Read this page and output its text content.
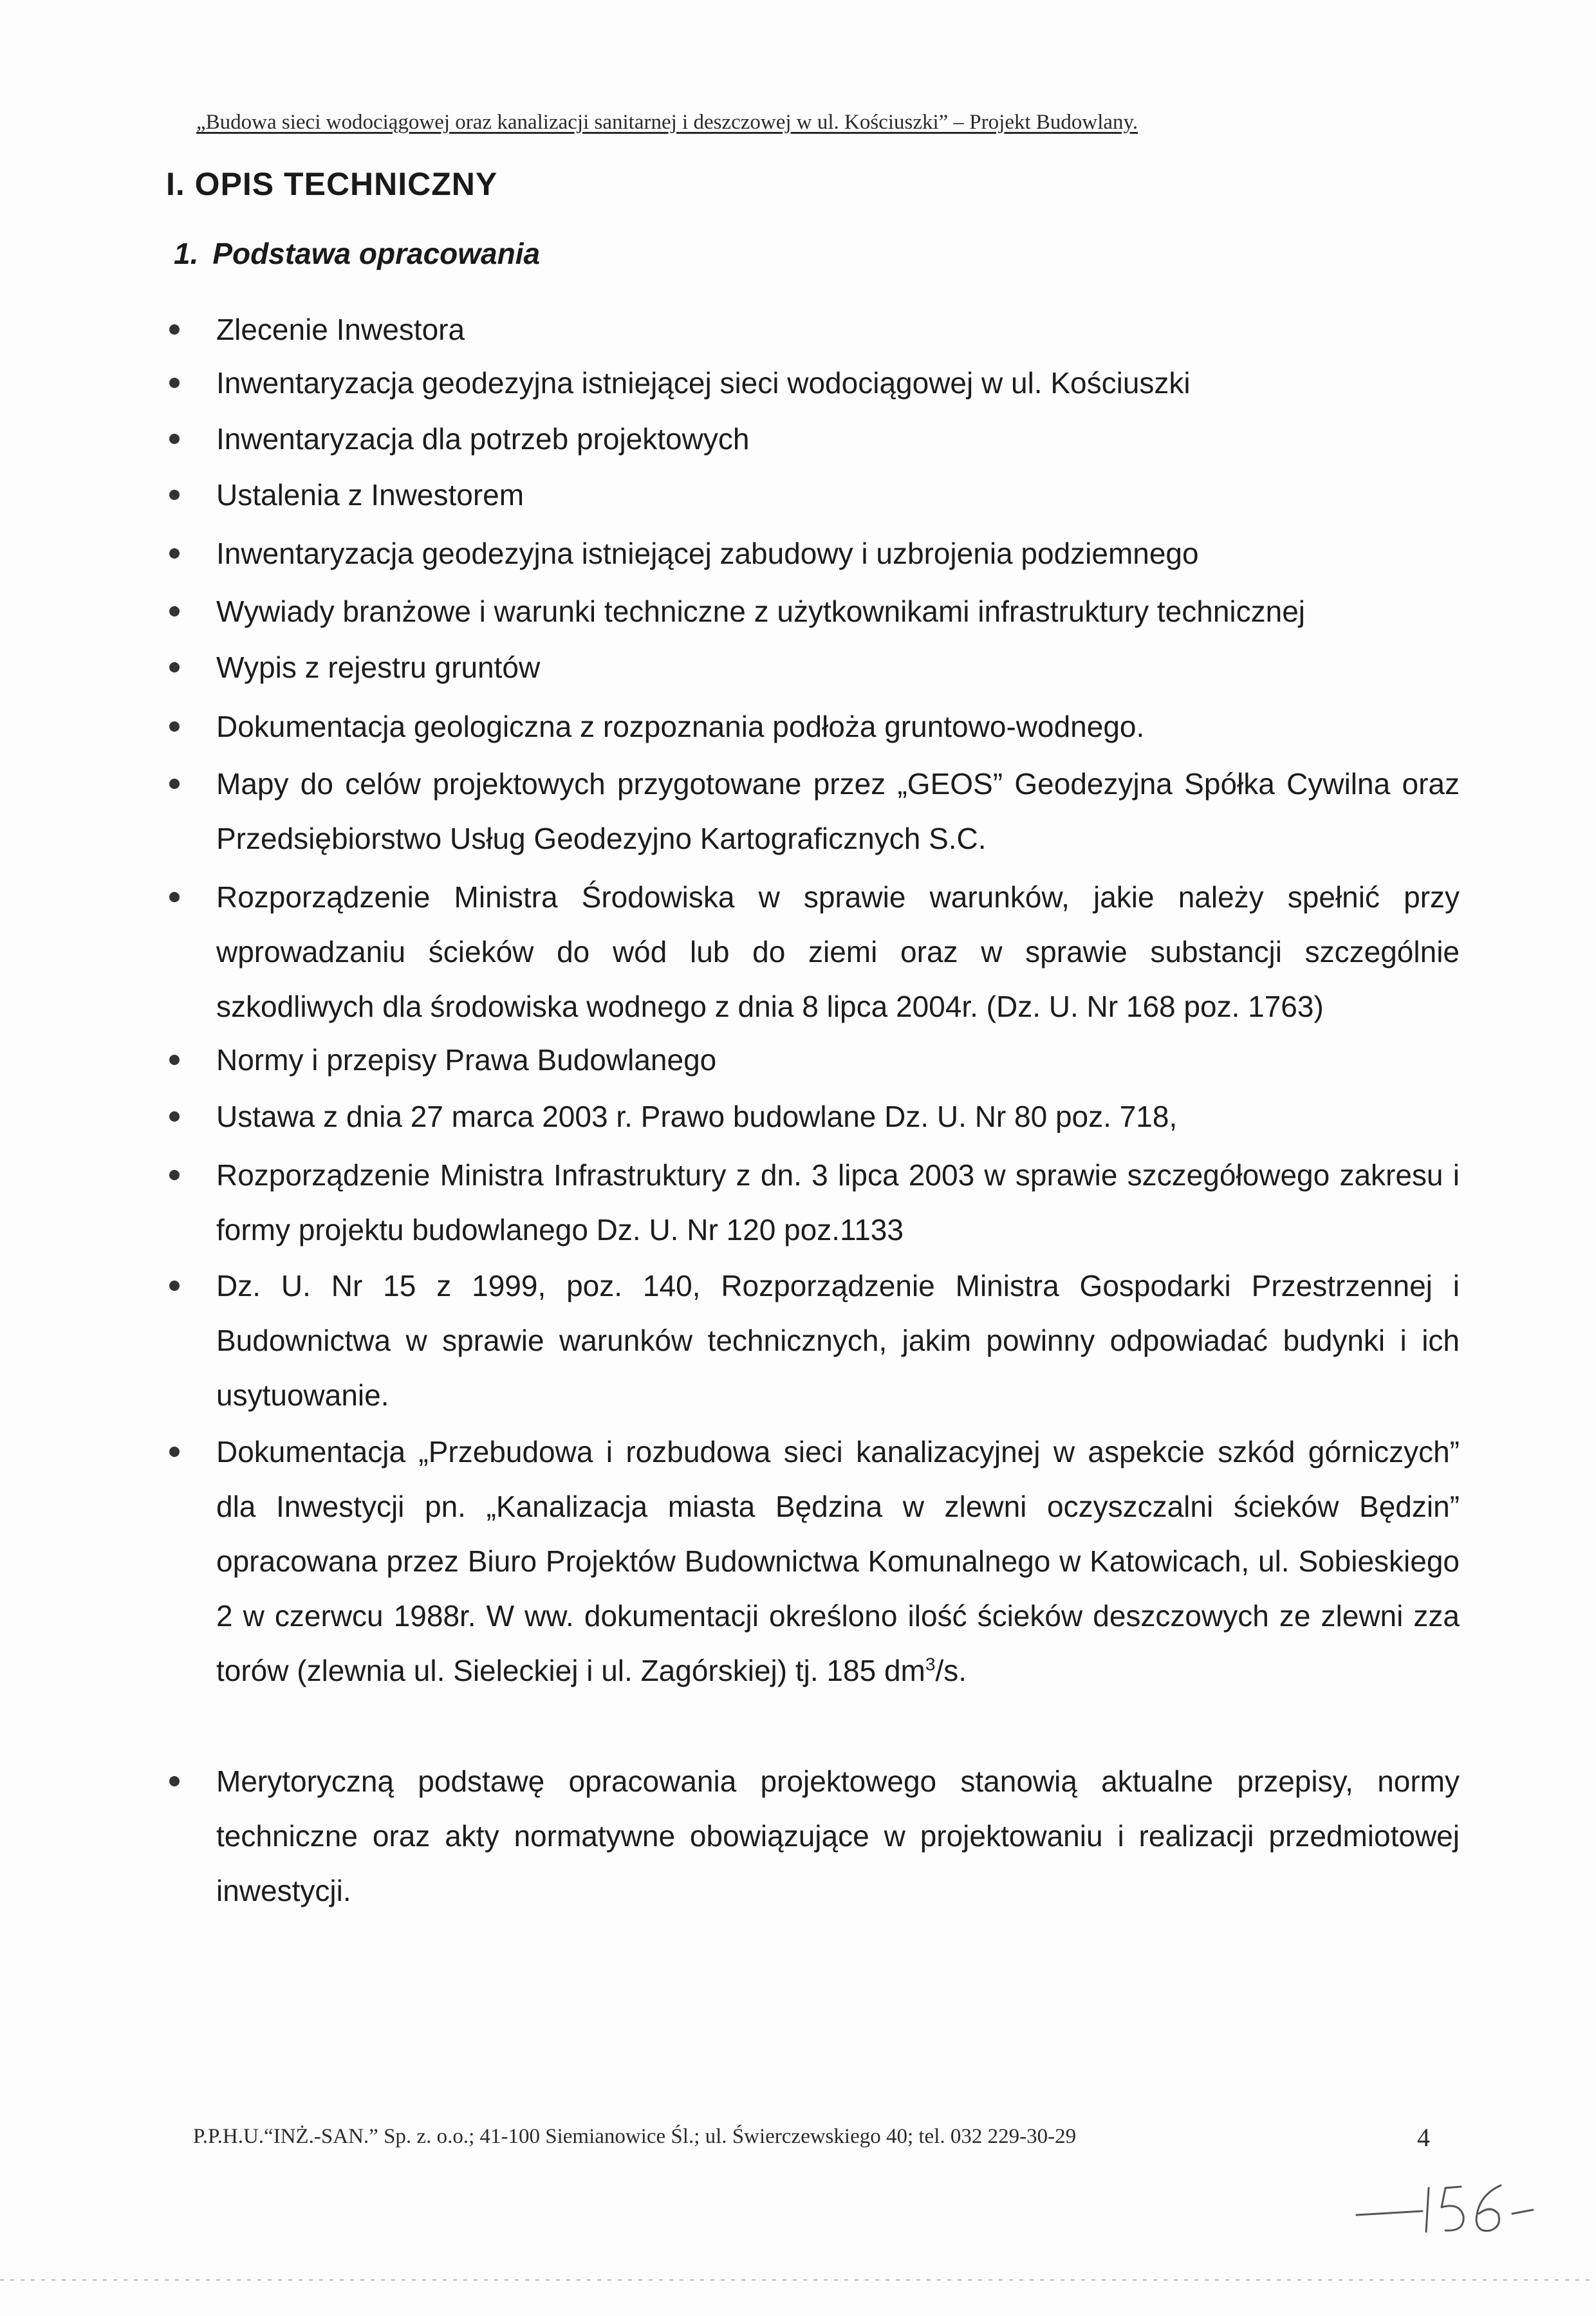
„Budowa sieci wodociągowej oraz kanalizacji sanitarnej i deszczowej w ul. Kościuszki” – Projekt Budowlany.
I. OPIS TECHNICZNY
1. Podstawa opracowania
Zlecenie Inwestora
Inwentaryzacja geodezyjna istniejącej sieci wodociągowej w ul. Kościuszki
Inwentaryzacja dla potrzeb projektowych
Ustalenia z Inwestorem
Inwentaryzacja geodezyjna istniejącej zabudowy i uzbrojenia podziemnego
Wywiady branżowe i warunki techniczne z użytkownikami infrastruktury technicznej
Wypis z rejestru gruntów
Dokumentacja geologiczna z rozpoznania podłoża gruntowo-wodnego.
Mapy do celów projektowych przygotowane przez „GEOS” Geodezyjna Spółka Cywilna oraz Przedsiębiorstwo Usług Geodezyjno Kartograficznych S.C.
Rozporządzenie Ministra Środowiska w sprawie warunków, jakie należy spełnić przy wprowadzaniu ścieków do wód lub do ziemi oraz w sprawie substancji szczególnie szkodliwych dla środowiska wodnego z dnia 8 lipca 2004r. (Dz. U. Nr 168 poz. 1763)
Normy i przepisy Prawa Budowlanego
Ustawa z dnia 27 marca 2003 r. Prawo budowlane Dz. U. Nr 80 poz. 718,
Rozporządzenie Ministra Infrastruktury z dn. 3 lipca 2003 w sprawie szczegółowego zakresu i formy projektu budowlanego Dz. U. Nr 120 poz.1133
Dz. U. Nr 15 z 1999, poz. 140, Rozporządzenie Ministra Gospodarki Przestrzennej i Budownictwa w sprawie warunków technicznych, jakim powinny odpowiadać budynki i ich usytuowanie.
Dokumentacja „Przebudowa i rozbudowa sieci kanalizacyjnej w aspekcie szkód górniczych” dla Inwestycji pn. „Kanalizacja miasta Będzina w zlewni oczyszczalni ścieków Będzin” opracowana przez Biuro Projektów Budownictwa Komunalnego w Katowicach, ul. Sobieskiego 2 w czerwcu 1988r. W ww. dokumentacji określono ilość ścieków deszczowych ze zlewni zza torów (zlewnia ul. Sieleckiej i ul. Zagórskiej) tj. 185 $dm^3/s$.
Merytoryczną podstawę opracowania projektowego stanowią aktualne przepisy, normy techniczne oraz akty normatywne obowiązujące w projektowaniu i realizacji przedmiotowej inwestycji.
P.P.H.U.“INŻ.-SAN.” Sp. z. o.o.; 41-100 Siemianowice Śl.; ul. Świerczewskiego 40; tel. 032 229-30-29	4
